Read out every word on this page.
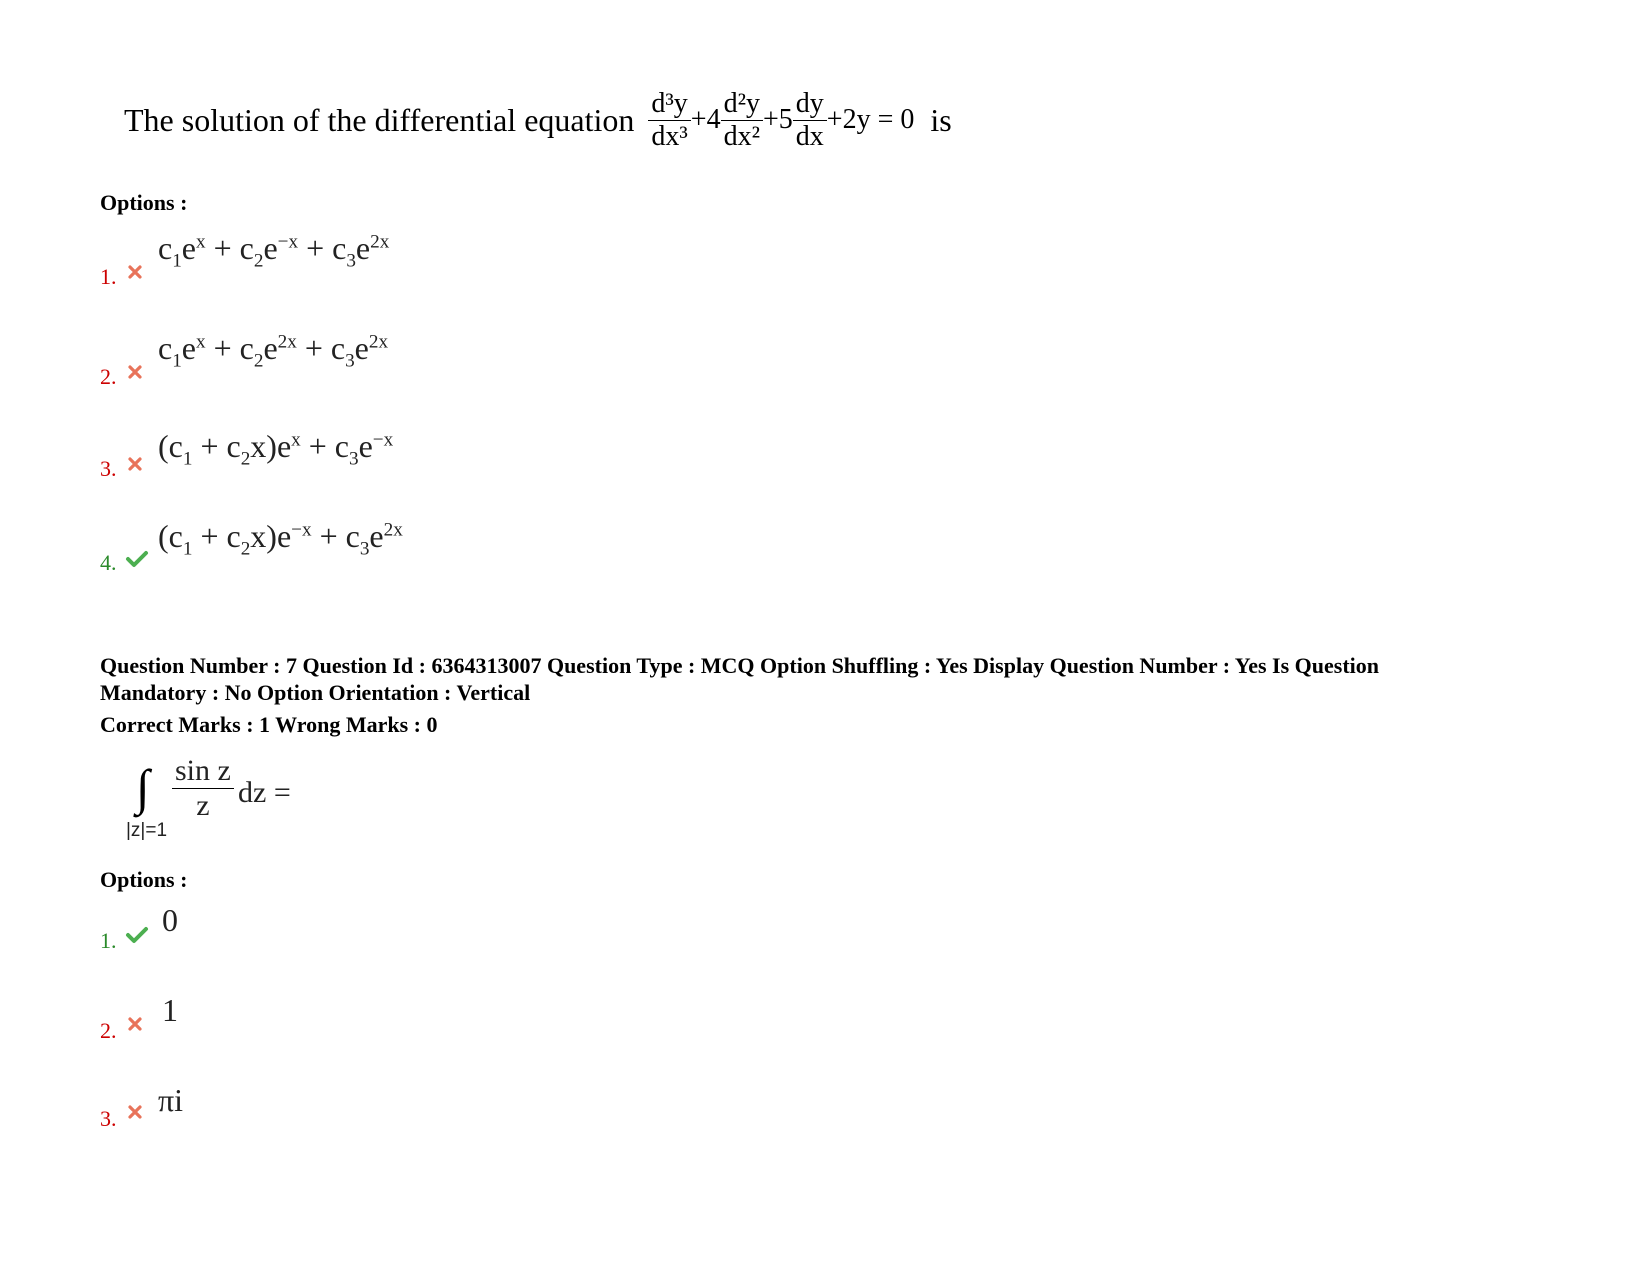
The solution of the differential equation $\frac{\text{d³y}}{\text{dx³}} +4 \frac{\text{d²y}}{\text{dx²}} +5 \frac{dy}{dx} +2y = 0$ is
Options :
1.
$c_1e^x + c_2e^{-x} + c_3e^{2x}$
2.
$c_1e^x + c_2e^{2x} + c_3e^{2x}$
3.
$(c_1 + c_2x)e^x + c_3e^{-x}$
4.
$(c_1 + c_2x)e^{-x} + c_3e^{2x}$
Question Number : 7 Question Id : 6364313007 Question Type : MCQ Option Shuffling : Yes Display Question Number : Yes Is Question
Mandatory : No Option Orientation : Vertical
Correct Marks : 1 Wrong Marks : 0
∫
|z|=1
$\frac{\text{sin z}}{z}$ dz =
Options :
1.
0
2.
1
3.
πi
